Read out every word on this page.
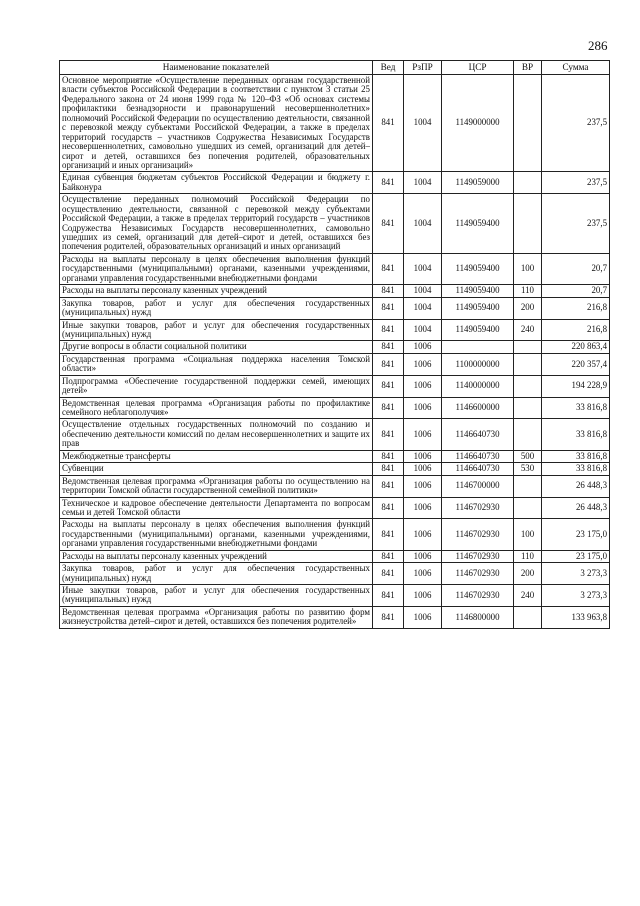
286
Наименование показателей	Вед	РзПР	ЦСР	ВР	Сумма
Основное мероприятие «Осуществление переданных органам государственной власти субъектов Российской Федерации в соответствии с пунктом 3 статьи 25 Федерального закона от 24 июня 1999 года № 120–ФЗ «Об основах системы профилактики безнадзорности и правонарушений несовершеннолетних» полномочий Российской Федерации по осуществлению деятельности, связанной с перевозкой между субъектами Российской Федерации, а также в пределах территорий государств – участников Содружества Независимых Государств несовершеннолетних, самовольно ушедших из семей, организаций для детей–сирот и детей, оставшихся без попечения родителей, образовательных организаций и иных организаций»	841	1004	1149000000		237,5
Единая субвенция бюджетам субъектов Российской Федерации и бюджету г. Байконура	841	1004	1149059000		237,5
Осуществление переданных полномочий Российской Федерации по осуществлению деятельности, связанной с перевозкой между субъектами Российской Федерации, а также в пределах территорий государств – участников Содружества Независимых Государств несовершеннолетних, самовольно ушедших из семей, организаций для детей–сирот и детей, оставшихся без попечения родителей, образовательных организаций и иных организаций	841	1004	1149059400		237,5
Расходы на выплаты персоналу в целях обеспечения выполнения функций государственными (муниципальными) органами, казенными учреждениями, органами управления государственными внебюджетными фондами	841	1004	1149059400	100	20,7
Расходы на выплаты персоналу казенных учреждений	841	1004	1149059400	110	20,7
Закупка товаров, работ и услуг для обеспечения государственных (муниципальных) нужд	841	1004	1149059400	200	216,8
Иные закупки товаров, работ и услуг для обеспечения государственных (муниципальных) нужд	841	1004	1149059400	240	216,8
Другие вопросы в области социальной политики	841	1006			220 863,4
Государственная программа «Социальная поддержка населения Томской области»	841	1006	1100000000		220 357,4
Подпрограмма «Обеспечение государственной поддержки семей, имеющих детей»	841	1006	1140000000		194 228,9
Ведомственная целевая программа «Организация работы по профилактике семейного неблагополучия»	841	1006	1146600000		33 816,8
Осуществление отдельных государственных полномочий по созданию и обеспечению деятельности комиссий по делам несовершеннолетних и защите их прав	841	1006	1146640730		33 816,8
Межбюджетные трансферты	841	1006	1146640730	500	33 816,8
Субвенции	841	1006	1146640730	530	33 816,8
Ведомственная целевая программа «Организация работы по осуществлению на территории Томской области государственной семейной политики»	841	1006	1146700000		26 448,3
Техническое и кадровое обеспечение деятельности Департамента по вопросам семьи и детей Томской области	841	1006	1146702930		26 448,3
Расходы на выплаты персоналу в целях обеспечения выполнения функций государственными (муниципальными) органами, казенными учреждениями, органами управления государственными внебюджетными фондами	841	1006	1146702930	100	23 175,0
Расходы на выплаты персоналу казенных учреждений	841	1006	1146702930	110	23 175,0
Закупка товаров, работ и услуг для обеспечения государственных (муниципальных) нужд	841	1006	1146702930	200	3 273,3
Иные закупки товаров, работ и услуг для обеспечения государственных (муниципальных) нужд	841	1006	1146702930	240	3 273,3
Ведомственная целевая программа «Организация работы по развитию форм жизнеустройства детей–сирот и детей, оставшихся без попечения родителей»	841	1006	1146800000		133 963,8
